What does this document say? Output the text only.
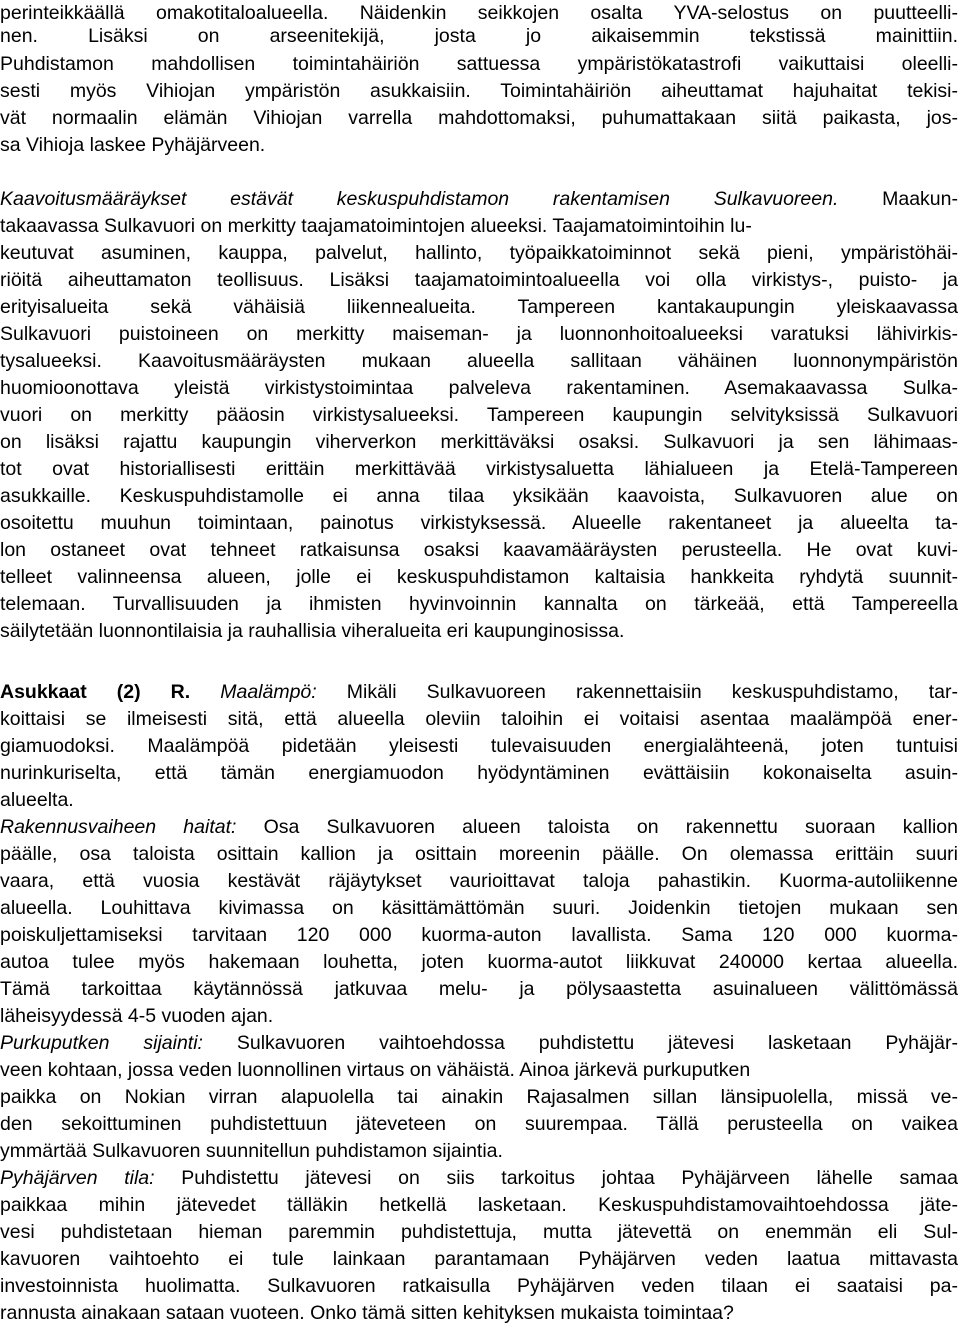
perinteikkäällä omakotitaloalueella. Näidenkin seikkojen osalta YVA-selostus on puutteelli-
nen. Lisäksi on arseenitekijä, josta jo aikaisemmin tekstissä mainittiin.
Puhdistamon mahdollisen toimintahäiriön sattuessa ympäristökatastrofi vaikuttaisi oleelli-
sesti myös Vihiojan ympäristön asukkaisiin. Toimintahäiriön aiheuttamat hajuhaitat tekisi-
vät normaalin elämän Vihiojan varrella mahdottomaksi, puhumattakaan siitä paikasta, jos-
sa Vihioja laskee Pyhäjärveen.
Kaavoitusmääräykset estävät keskuspuhdistamon rakentamisen Sulkavuoreen. Maakun-
takaavassa Sulkavuori on merkitty taajamatoimintojen alueeksi. Taajamatoimintoihin lu-
keutuvat asuminen, kauppa, palvelut, hallinto, työpaikkatoiminnot sekä pieni, ympäristöhäi-
riöitä aiheuttamaton teollisuus. Lisäksi taajamatoimintoalueella voi olla virkistys-, puisto- ja
erityisalueita sekä vähäisiä liikennealueita. Tampereen kantakaupungin yleiskaavassa
Sulkavuori puistoineen on merkitty maiseman- ja luonnonhoitoalueeksi varatuksi lähivirkis-
tysalueeksi. Kaavoitusmääräysten mukaan alueella sallitaan vähäinen luonnonympäristön
huomioonottava yleistä virkistystoimintaa palveleva rakentaminen. Asemakaavassa Sulka-
vuori on merkitty pääosin virkistysalueeksi. Tampereen kaupungin selvityksissä Sulkavuori
on lisäksi rajattu kaupungin viherverkon merkittäväksi osaksi. Sulkavuori ja sen lähimaas-
tot ovat historiallisesti erittäin merkittävää virkistysaluetta lähialueen ja Etelä-Tampereen
asukkaille. Keskuspuhdistamolle ei anna tilaa yksikään kaavoista, Sulkavuoren alue on
osoitettu muuhun toimintaan, painotus virkistyksessä. Alueelle rakentaneet ja alueelta ta-
lon ostaneet ovat tehneet ratkaisunsa osaksi kaavamääräysten perusteella. He ovat kuvi-
telleet valinneensa alueen, jolle ei keskuspuhdistamon kaltaisia hankkeita ryhdytä suunnit-
telemaan. Turvallisuuden ja ihmisten hyvinvoinnin kannalta on tärkeää, että Tampereella
säilytetään luonnontilaisia ja rauhallisia viheralueita eri kaupunginosissa.
Asukkaat (2) R. Maalämpö: Mikäli Sulkavuoreen rakennettaisiin keskuspuhdistamo, tar-
koittaisi se ilmeisesti sitä, että alueella oleviin taloihin ei voitaisi asentaa maalämpöä ener-
giamuodoksi. Maalämpöä pidetään yleisesti tulevaisuuden energialähteenä, joten tuntuisi
nurinkuriselta, että tämän energiamuodon hyödyntäminen evättäisiin kokonaiselta asuin-
alueelta.
Rakennusvaiheen haitat: Osa Sulkavuoren alueen taloista on rakennettu suoraan kallion
päälle, osa taloista osittain kallion ja osittain moreenin päälle. On olemassa erittäin suuri
vaara, että vuosia kestävät räjäytykset vaurioittavat taloja pahastikin. Kuorma-autoliikenne
alueella. Louhittava kivimassa on käsittämättömän suuri. Joidenkin tietojen mukaan sen
poiskuljettamiseksi tarvitaan 120 000 kuorma-auton lavallista. Sama 120 000 kuorma-
autoa tulee myös hakemaan louhetta, joten kuorma-autot liikkuvat 240000 kertaa alueella.
Tämä tarkoittaa käytännössä jatkuvaa melu- ja pölysaastetta asuinalueen välittömässä
läheisyydessä 4-5 vuoden ajan.
Purkuputken sijainti: Sulkavuoren vaihtoehdossa puhdistettu jätevesi lasketaan Pyhäjär-
veen kohtaan, jossa veden luonnollinen virtaus on vähäistä. Ainoa järkevä purkuputken
paikka on Nokian virran alapuolella tai ainakin Rajasalmen sillan länsipuolella, missä ve-
den sekoittuminen puhdistettuun jäteveteen on suurempaa. Tällä perusteella on vaikea
ymmärtää Sulkavuoren suunnitellun puhdistamon sijaintia.
Pyhäjärven tila: Puhdistettu jätevesi on siis tarkoitus johtaa Pyhäjärveen lähelle samaa
paikkaa mihin jätevedet tälläkin hetkellä lasketaan. Keskuspuhdistamovaihtoehdossa jäte-
vesi puhdistetaan hieman paremmin puhdistettuja, mutta jätevettä on enemmän eli Sul-
kavuoren vaihtoehto ei tule lainkaan parantamaan Pyhäjärven veden laatua mittavasta
investoinnista huolimatta. Sulkavuoren ratkaisulla Pyhäjärven veden tilaan ei saataisi pa-
rannusta ainakaan sataan vuoteen. Onko tämä sitten kehityksen mukaista toimintaa?
